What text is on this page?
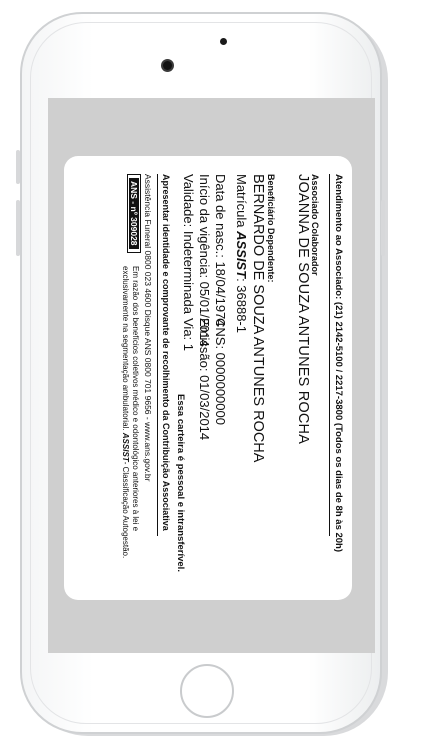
Atendimento ao Associado: (21) 2142-5100 / 2217-3800 (Todos os dias de 8h às 20h)
Associado Colaborador
JOANNA DE SOUZA ANTUNES ROCHA
Beneficiário Dependente:
BERNARDO DE SOUZA ANTUNES ROCHA
Matrícula ASSIST: 36888-1
Data de nasc.: 18/04/1974
Início da vigência: 05/01/2014
Validade: Indeterminada
CNS: 0000000000
Emissão: 01/03/2014
Via: 1
Essa carteira é pessoal e intransferível.
Apresentar identidade e comprovante de recolhimento da Contribuição Associativa
Assistência Funeral 0800 023 4600 Disque ANS 0800 701 9656 - www.ans.gov.br
ANS - nº 309028
Em razão dos benefícios coletivos médico e odontológico anteriores à lei e
exclusivamente na segmentação ambulatorial. ASSIST- Classificação Autogestão.
